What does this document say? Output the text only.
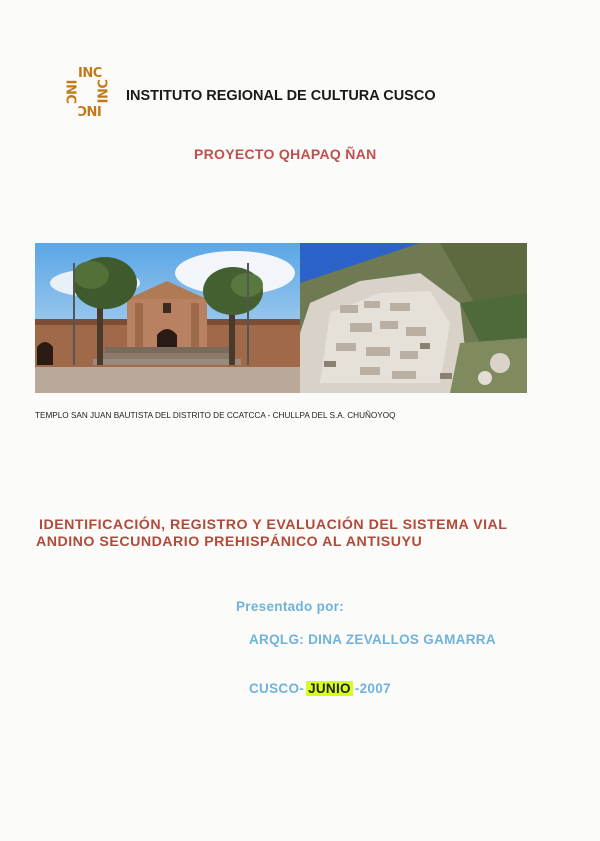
INC
INC INC
INC
INSTITUTO REGIONAL DE CULTURA CUSCO
PROYECTO QHAPAQ ÑAN
TEMPLO SAN JUAN BAUTISTA DEL DISTRITO DE CCATCCA - CHULLPA DEL S.A. CHUÑOYOQ
IDENTIFICACIÓN, REGISTRO Y EVALUACIÓN DEL SISTEMA VIAL
ANDINO SECUNDARIO PREHISPÁNICO AL ANTISUYU
Presentado por:
ARQLG: DINA ZEVALLOS GAMARRA
CUSCO- JUNIO -2007
